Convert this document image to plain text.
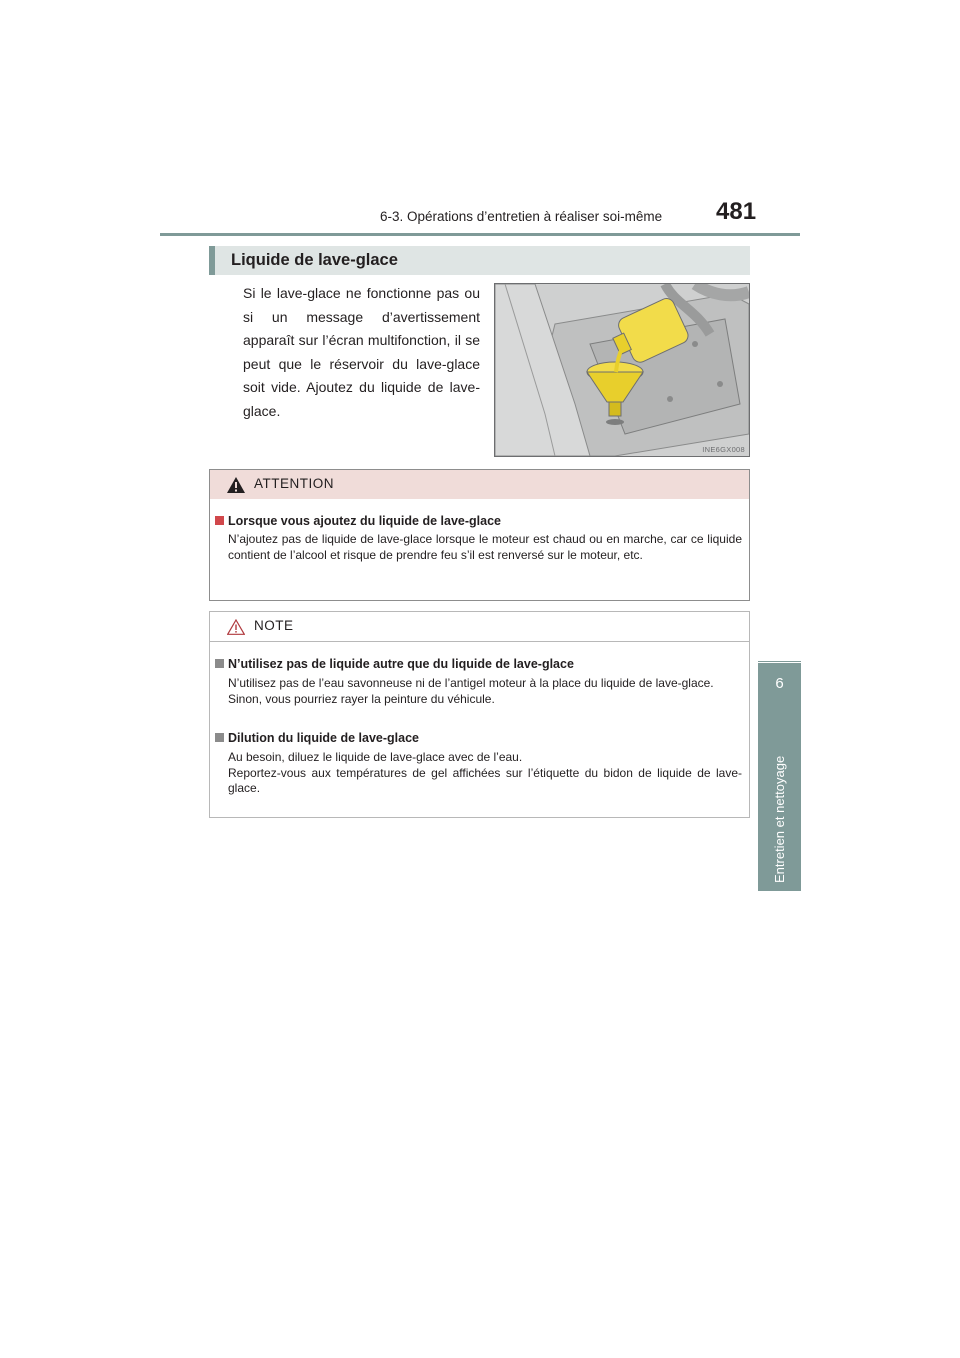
6-3. Opérations d’entretien à réaliser soi-même 481
6
Entretien et nettoyage
Liquide de lave-glace
Si le lave-glace ne fonctionne pas ou si un message d’avertissement apparaît sur l’écran multifonction, il se peut que le réservoir du lave-glace soit vide. Ajoutez du liquide de lave-glace.
INE6GX008
ATTENTION
Lorsque vous ajoutez du liquide de lave-glace

N’ajoutez pas de liquide de lave-glace lorsque le moteur est chaud ou en marche, car ce liquide contient de l’alcool et risque de prendre feu s’il est renversé sur le moteur, etc.

NOTE
N’utilisez pas de liquide autre que du liquide de lave-glace

N’utilisez pas de l’eau savonneuse ni de l’antigel moteur à la place du liquide de lave-glace.

Sinon, vous pourriez rayer la peinture du véhicule.

Dilution du liquide de lave-glace

Au besoin, diluez le liquide de lave-glace avec de l’eau.

Reportez-vous aux températures de gel affichées sur l’étiquette du bidon de liquide de lave-glace.
